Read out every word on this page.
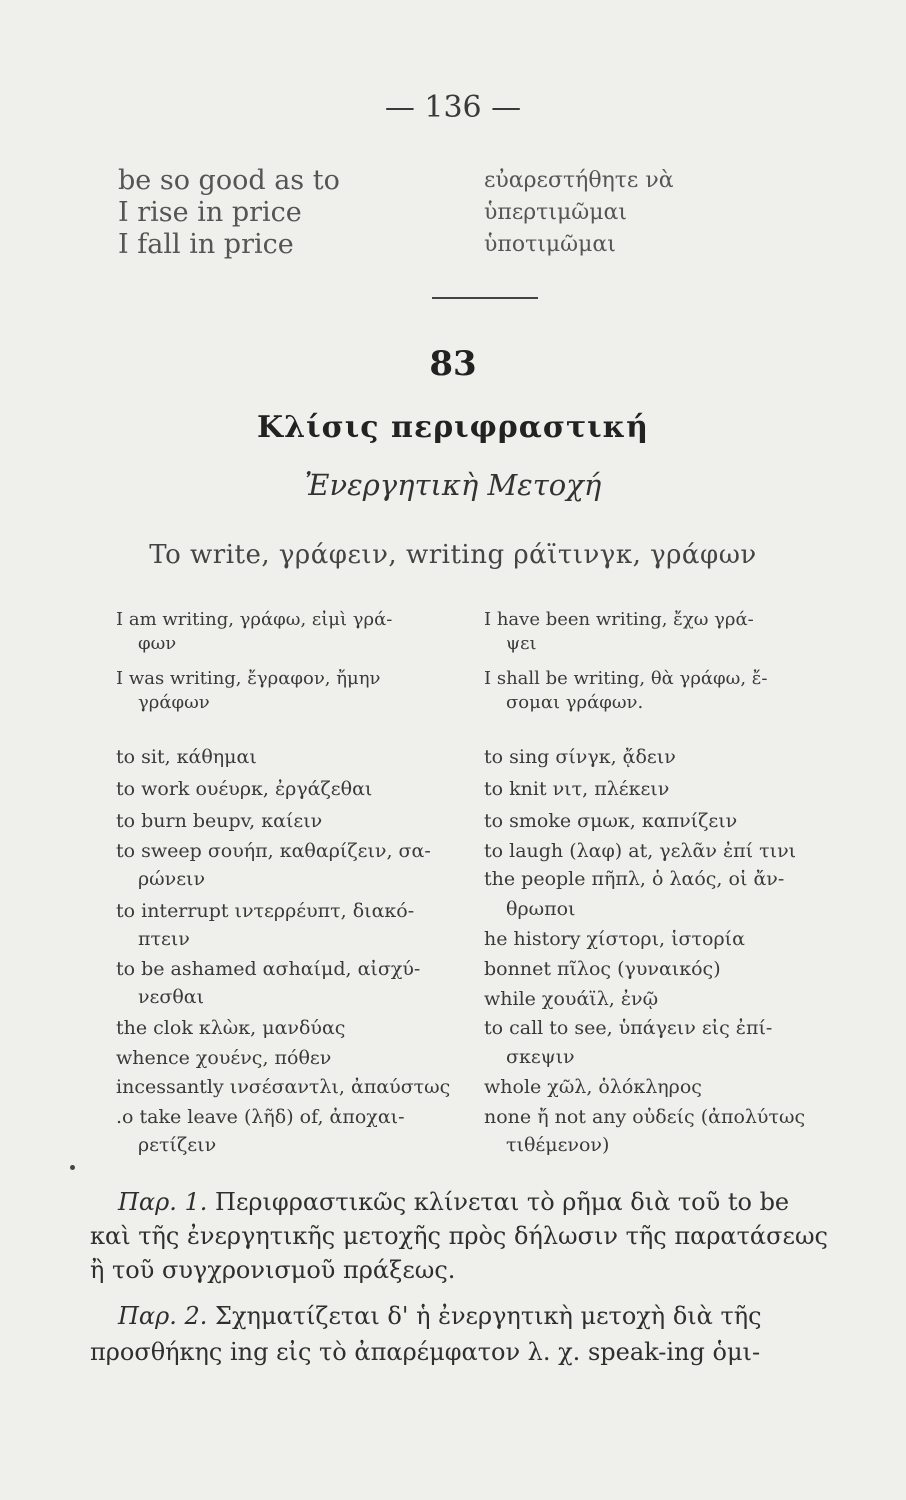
— 136 —
be so good as to	εὐαρεστήθητε νὰ
I rise in price	ὑπερτιμῶμαι
I fall in price	ὑποτιμῶμαι
83
Κλίσις περιφραστική
Ἐνεργητικὴ Μετοχή
To write, γράφειν, writing ράϊτινγκ, γράφων
I am writing, γράφω, εἰμὶ γρά-
φων
I was writing, ἔγραφον, ἤμην
γράφων
I have been writing, ἔχω γρά-
ψει
I shall be writing, θὰ γράφω, ἔ-
σομαι γράφων.
to sit, κάθημαι
to work ουέυρκ, ἐργάζεθαι
to burn beupv, καίειν
to sweep σουήπ, καθαρίζειν, σα-
ρώνειν
to interrupt ιντερρέυπτ, διακό-
πτειν
to be ashamed ασhαίμd, αἰσχύ-
νεσθαι
the clok κλὼκ, μανδύας
whence χουένς, πόθεν
incessantly ινσέσαντλι, ἀπαύστως
.o take leave (λῆδ) of, ἀποχαι-
ρετίζειν
to sing σίνγκ, ᾄδειν
to knit νιτ, πλέκειν
to smoke σμωκ, καπνίζειν
to laugh (λαφ) at, γελᾶν ἐπί τινι
the people πῆπλ, ὁ λαός, οἱ ἄν-
θρωποι
he history χίστορι, ἱστορία
bonnet πῖλος (γυναικός)
while χουάϊλ, ἐνῷ
to call to see, ὑπάγειν εἰς ἐπί-
σκεψιν
whole χῶλ, ὁλόκληρος
none ἤ not any οὐδείς (ἀπολύτως
τιθέμενον)
Παρ. 1. Περιφραστικῶς κλίνεται τὸ ρῆμα διὰ τοῦ to be
καὶ τῆς ἐνεργητικῆς μετοχῆς πρὸς δήλωσιν τῆς παρατάσεως
ἢ τοῦ συγχρονισμοῦ πράξεως.
Παρ. 2. Σχηματίζεται δ' ἡ ἐνεργητικὴ μετοχὴ διὰ τῆς
προσθήκης ing εἰς τὸ ἀπαρέμφατον λ. χ. speak-ing ὁμι-
